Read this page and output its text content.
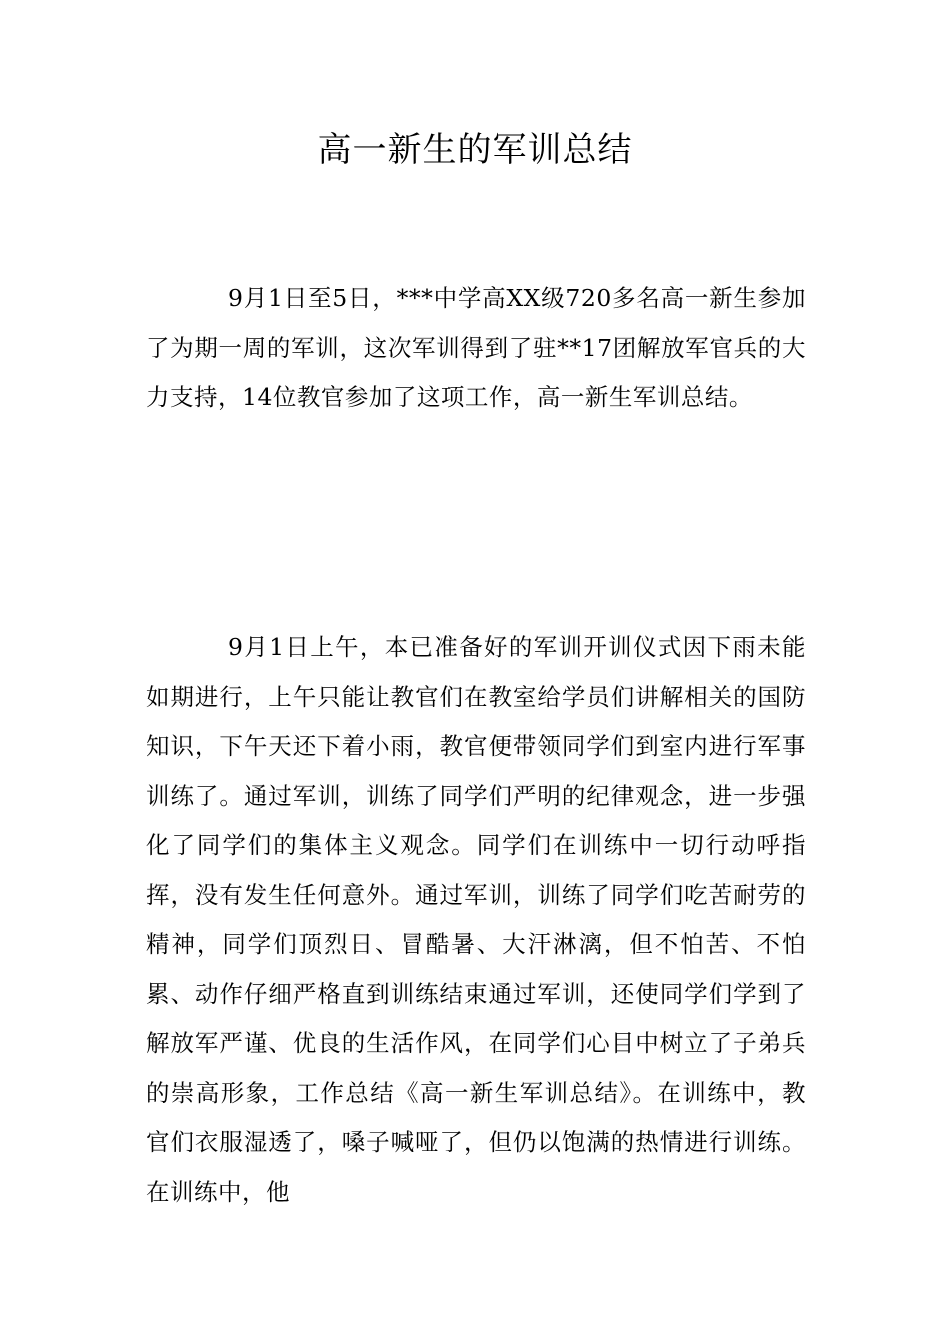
高一新生的军训总结

9月1日至5日，***中学高XX级720多名高一新生参加了为期一周的军训，这次军训得到了驻**17团解放军官兵的大力支持，14位教官参加了这项工作，高一新生军训总结。

9月1日上午，本已准备好的军训开训仪式因下雨未能如期进行，上午只能让教官们在教室给学员们讲解相关的国防知识，下午天还下着小雨，教官便带领同学们到室内进行军事训练了。通过军训，训练了同学们严明的纪律观念，进一步强化了同学们的集体主义观念。同学们在训练中一切行动呼指挥，没有发生任何意外。通过军训，训练了同学们吃苦耐劳的精神，同学们顶烈日、冒酷暑、大汗淋漓，但不怕苦、不怕累、动作仔细严格直到训练结束通过军训，还使同学们学到了解放军严谨、优良的生活作风，在同学们心目中树立了子弟兵的崇高形象，工作总结《高一新生军训总结》。在训练中，教官们衣服湿透了，嗓子喊哑了，但仍以饱满的热情进行训练。在训练中，他
